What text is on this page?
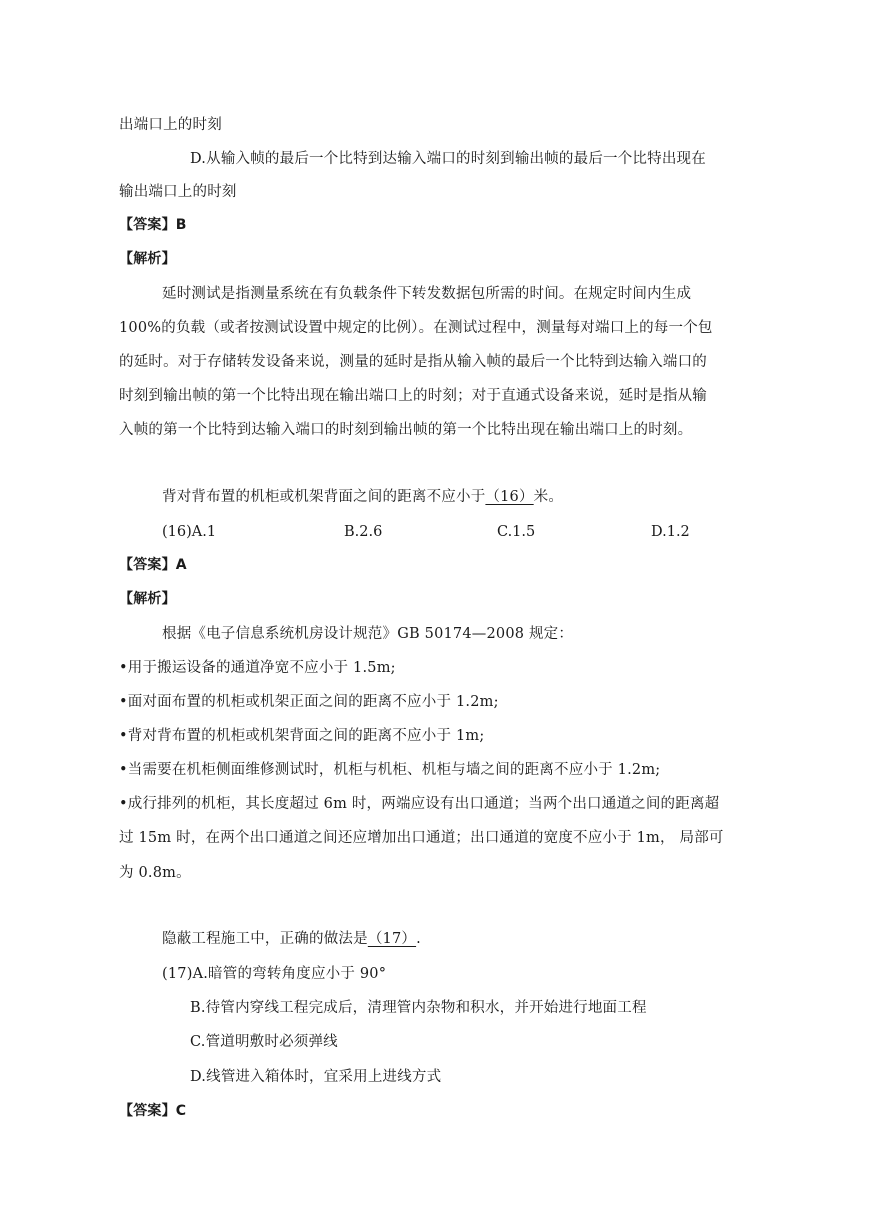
出端口上的时刻
D.从输入帧的最后一个比特到达输入端口的时刻到输出帧的最后一个比特出现在
输出端口上的时刻
【答案】B
【解析】
延时测试是指测量系统在有负载条件下转发数据包所需的时间。在规定时间内生成
100%的负载（或者按测试设置中规定的比例）。在测试过程中，测量每对端口上的每一个包
的延时。对于存储转发设备来说，测量的延时是指从输入帧的最后一个比特到达输入端口的
时刻到输出帧的第一个比特出现在输出端口上的时刻；对于直通式设备来说，延时是指从输
入帧的第一个比特到达输入端口的时刻到输出帧的第一个比特出现在输出端口上的时刻。
背对背布置的机柜或机架背面之间的距离不应小于（16）米。
(16)A.1	B.2.6	C.1.5	D.1.2
【答案】A
【解析】
根据《电子信息系统机房设计规范》GB 50174—2008 规定：
•用于搬运设备的通道净宽不应小于 1.5m;
•面对面布置的机柜或机架正面之间的距离不应小于 1.2m;
•背对背布置的机柜或机架背面之间的距离不应小于 1m;
•当需要在机柜侧面维修测试时，机柜与机柜、机柜与墙之间的距离不应小于 1.2m;
•成行排列的机柜，其长度超过 6m 时，两端应设有出口通道；当两个出口通道之间的距离超
过 15m 时，在两个出口通道之间还应增加出口通道；出口通道的宽度不应小于 1m， 局部可
为 0.8m。
隐蔽工程施工中，正确的做法是（17）.
(17)A.暗管的弯转角度应小于 90°
B.待管内穿线工程完成后，清理管内杂物和积水，并开始进行地面工程
C.管道明敷时必须弹线
D.线管进入箱体时，宜采用上进线方式
【答案】C
